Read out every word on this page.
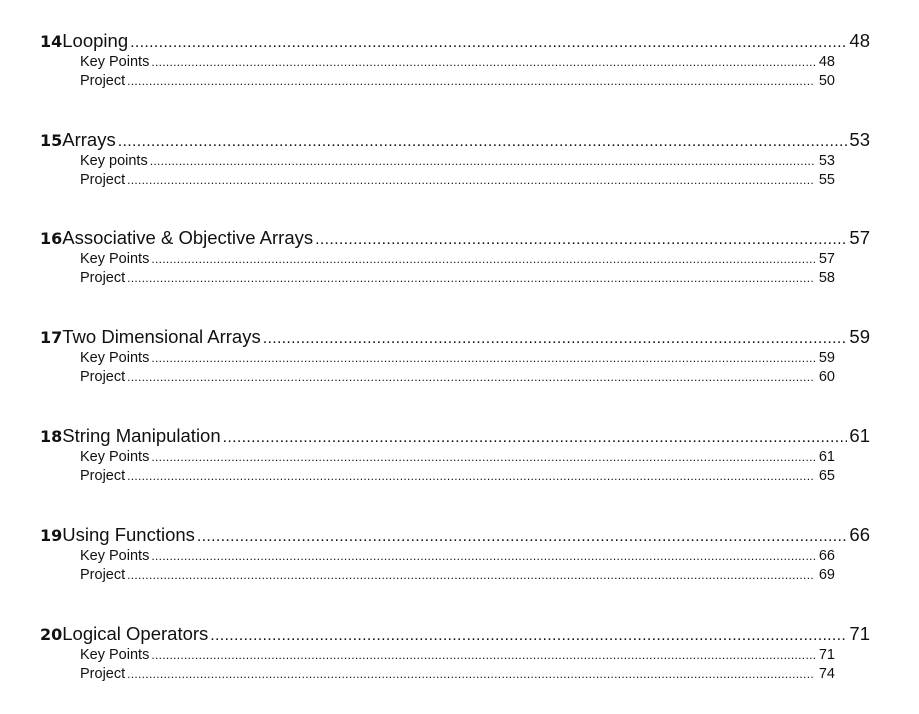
14 Looping .....	48
Key Points .....	48
Project .....	50
15 Arrays .....	53
Key points .....	53
Project .....	55
16 Associative & Objective Arrays .....	57
Key Points .....	57
Project .....	58
17 Two Dimensional Arrays .....	59
Key Points .....	59
Project .....	60
18 String Manipulation .....	61
Key Points .....	61
Project .....	65
19 Using Functions .....	66
Key Points .....	66
Project .....	69
20 Logical Operators .....	71
Key Points .....	71
Project .....	74
